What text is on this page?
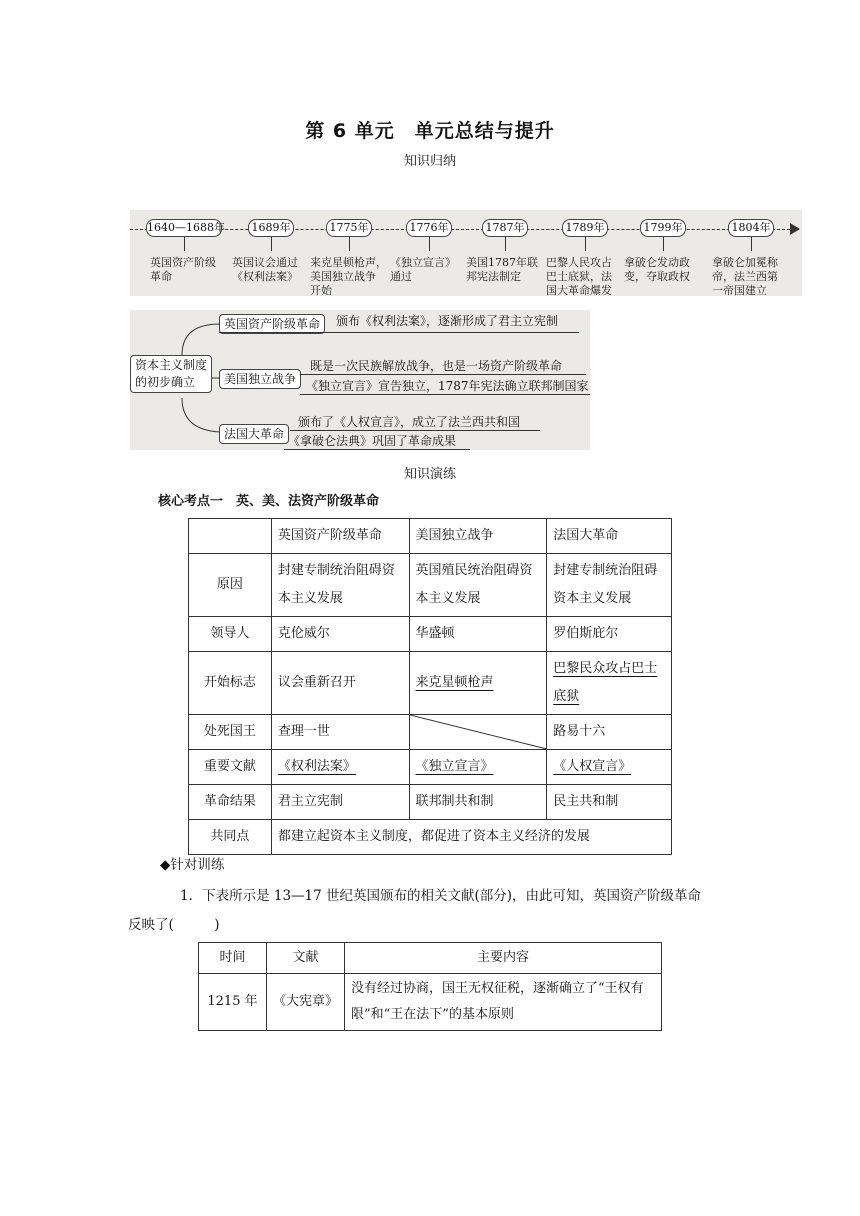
第 6 单元　单元总结与提升
知识归纳
1640—1688年
英国资产阶级
革命
1689年
英国议会通过
《权利法案》
1775年
来克星顿枪声，
美国独立战争
开始
1776年
《独立宣言》
通过
1787年
美国1787年联
邦宪法制定
1789年
巴黎人民攻占
巴士底狱，法
国大革命爆发
1799年
拿破仑发动政
变，夺取政权
1804年
拿破仑加冕称
帝，法兰西第
一帝国建立
资本主义制度
的初步确立
英国资产阶级革命	颁布《权利法案》，逐渐形成了君主立宪制
美国独立战争
既是一次民族解放战争，也是一场资产阶级革命
《独立宣言》宣告独立，1787年宪法确立联邦制国家
法国大革命
颁布了《人权宣言》，成立了法兰西共和国
《拿破仑法典》巩固了革命成果
知识演练
核心考点一　英、美、法资产阶级革命
	英国资产阶级革命	美国独立战争	法国大革命
原因	封建专制统治阻碍资本主义发展	英国殖民统治阻碍资本主义发展	封建专制统治阻碍资本主义发展
领导人	克伦威尔	华盛顿	罗伯斯庇尔
开始标志	议会重新召开	来克星顿枪声	巴黎民众攻占巴士底狱
处死国王	查理一世		路易十六
重要文献	《权利法案》	《独立宣言》	《人权宣言》
革命结果	君主立宪制	联邦制共和制	民主共和制
共同点	都建立起资本主义制度，都促进了资本主义经济的发展		
◆针对训练
1．下表所示是 13—17 世纪英国颁布的相关文献(部分)，由此可知，英国资产阶级革命
反映了(　　　)
时间	文献	主要内容
1215 年	《大宪章》	没有经过协商，国王无权征税，逐渐确立了“王权有限”和“王在法下”的基本原则
